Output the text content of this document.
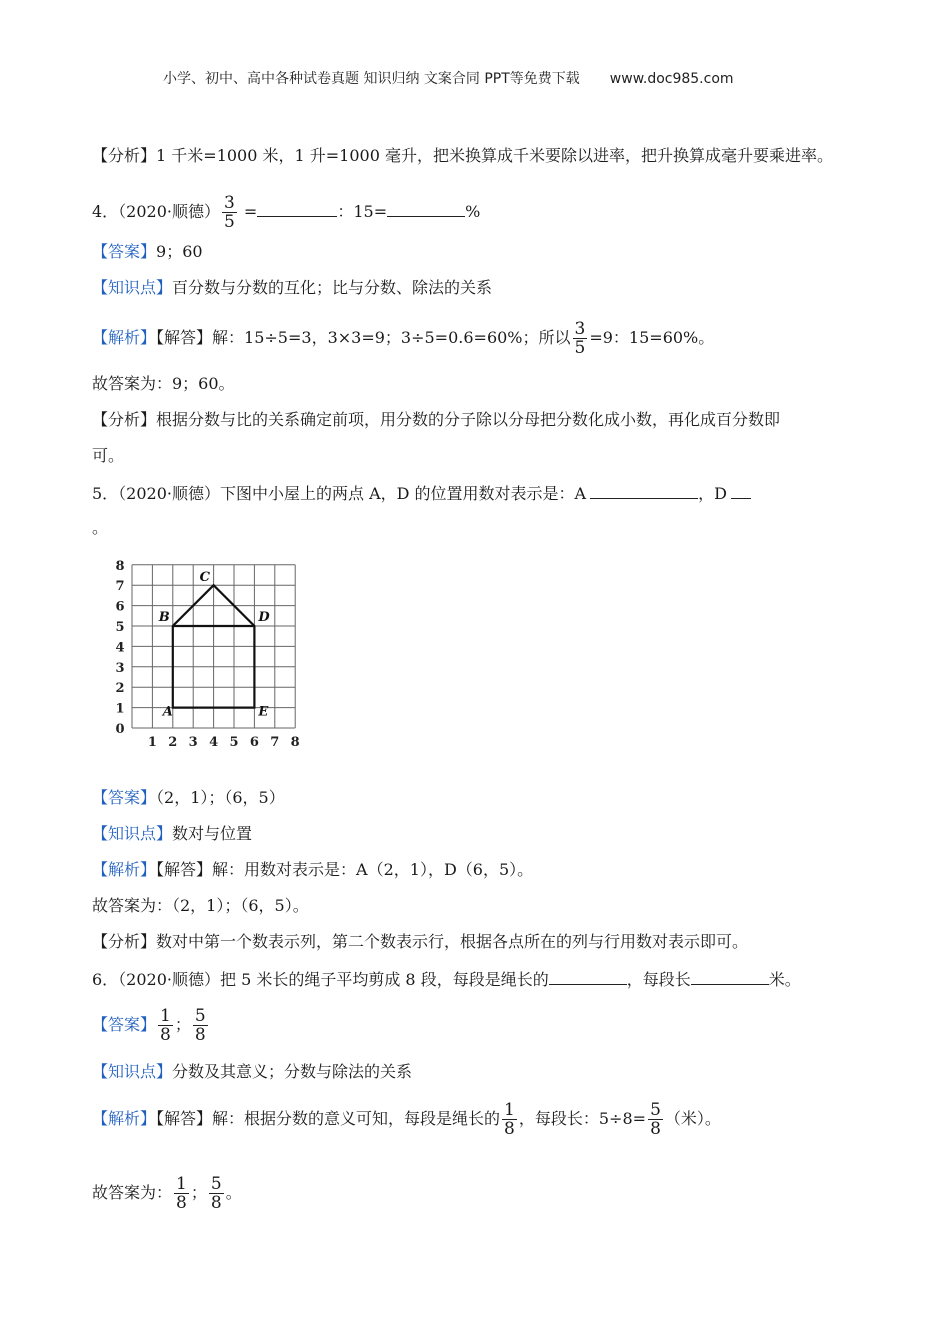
小学、初中、高中各种试卷真题 知识归纳 文案合同 PPT等免费下载 www.doc985.com
【分析】1 千米=1000 米，1 升=1000 毫升，把米换算成千米要除以进率，把升换算成毫升要乘进率。
4．（2020·顺德） $\frac{3}{5}$ =	：15=	%
【答案】9；60
【知识点】百分数与分数的互化；比与分数、除法的关系
【解析】【解答】解：15÷5=3，3×3=9；3÷5=0.6=60%；所以 $\frac{3}{5} =9$：15=60%。
故答案为：9；60。
【分析】根据分数与比的关系确定前项，用分数的分子除以分母把分数化成小数，再化成百分数即
可。
5．（2020·顺德）下图中小屋上的两点 A，D 的位置用数对表示是：A	，D
。
1 2 3 4 5 6 7 8
0
1
2
3
4
5
6
7
8
A	E
B	D
C
【答案】（2，1）；（6，5）
【知识点】数对与位置
【解析】【解答】解：用数对表示是：A（2，1），D（6，5）。
故答案为：（2，1）；（6，5）。
【分析】数对中第一个数表示列，第二个数表示行，根据各点所在的列与行用数对表示即可。
6．（2020·顺德）把 5 米长的绳子平均剪成 8 段，每段是绳长的	，每段长	米。
【答案】 $\frac{1}{8}$ ； $\frac{5}{8}$
【知识点】分数及其意义；分数与除法的关系
【解析】【解答】解：根据分数的意义可知，每段是绳长的 $\frac{1}{8}$ ，每段长：$5\div 8= \frac{5}{8}$ （米）。
故答案为： $\frac{1}{8}$ ； $\frac{5}{8}$ 。
